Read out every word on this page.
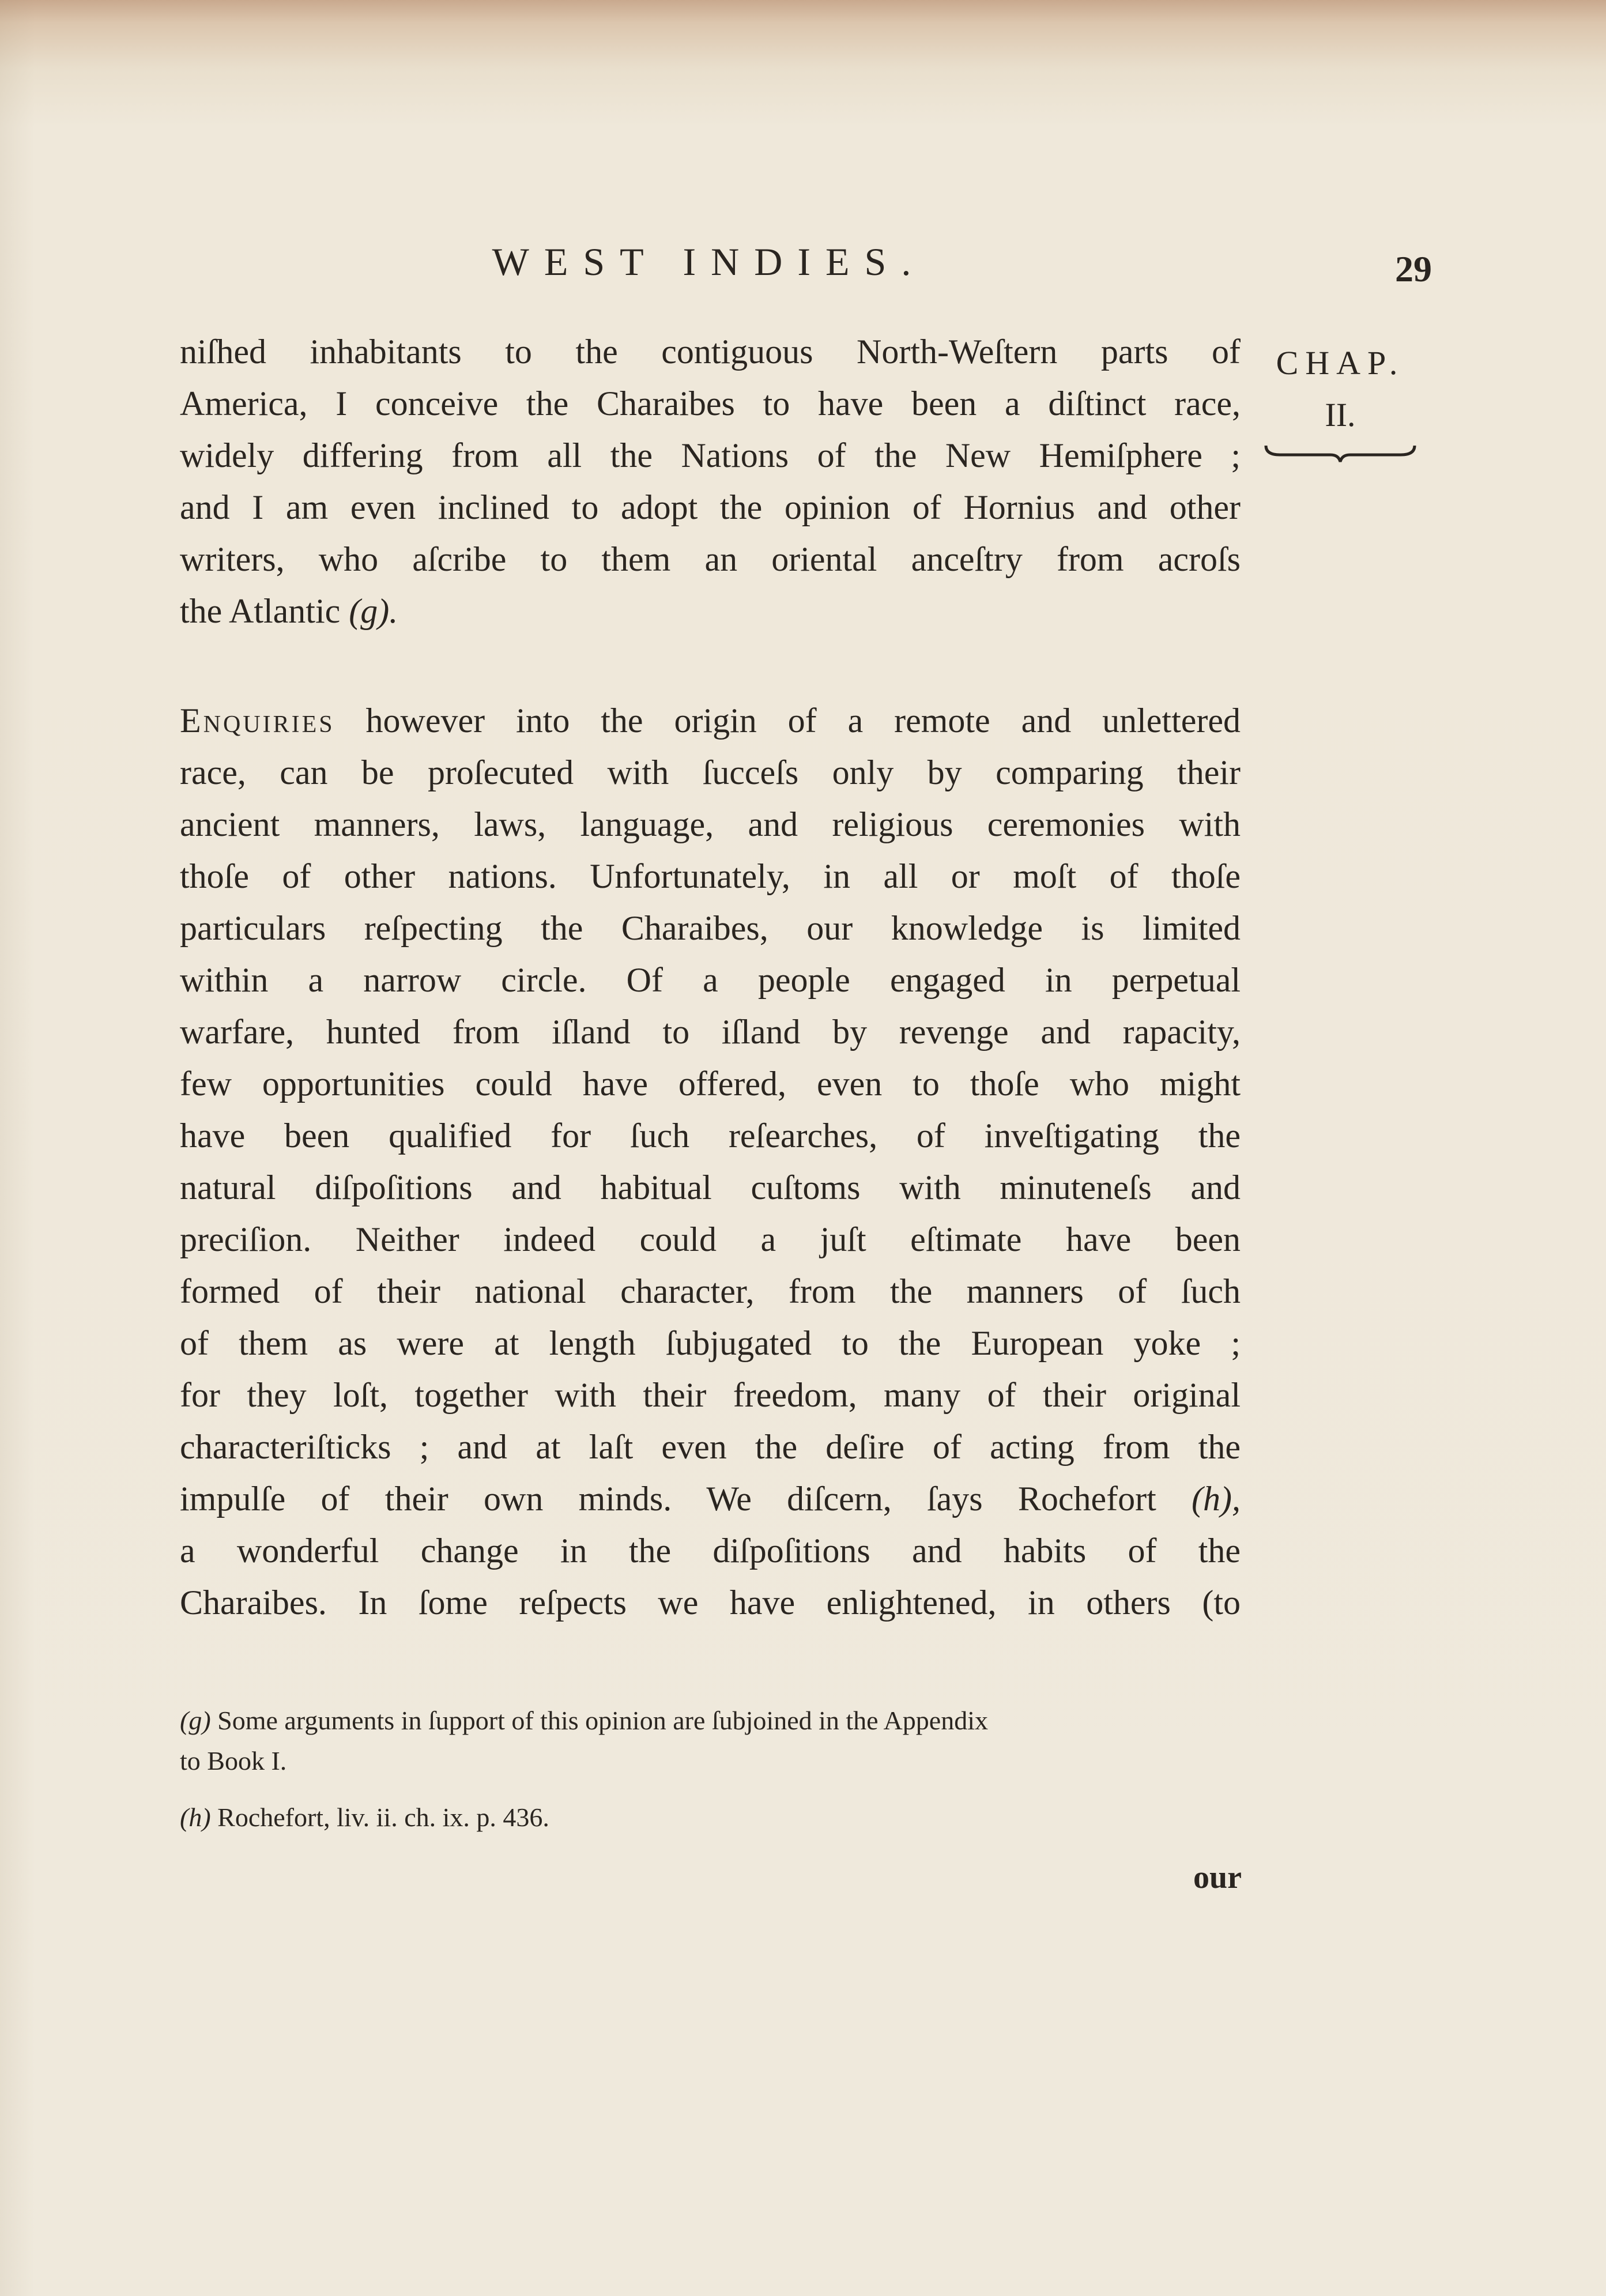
WEST INDIES.	29
CHAP.
II.
niſhed inhabitants to the contiguous North-Weſtern parts of
America, I conceive the Charaibes to have been a diſtinct race,
widely differing from all the Nations of the New Hemiſphere ;
and I am even inclined to adopt the opinion of Hornius and other
writers, who aſcribe to them an oriental anceſtry from acroſs
the Atlantic (g).
Enquiries however into the origin of a remote and unlettered
race, can be proſecuted with ſucceſs only by comparing their
ancient manners, laws, language, and religious ceremonies with
thoſe of other nations. Unfortunately, in all or moſt of thoſe
particulars reſpecting the Charaibes, our knowledge is limited
within a narrow circle. Of a people engaged in perpetual
warfare, hunted from iſland to iſland by revenge and rapacity,
few opportunities could have offered, even to thoſe who might
have been qualified for ſuch reſearches, of inveſtigating the
natural diſpoſitions and habitual cuſtoms with minuteneſs and
preciſion. Neither indeed could a juſt eſtimate have been
formed of their national character, from the manners of ſuch
of them as were at length ſubjugated to the European yoke ;
for they loſt, together with their freedom, many of their original
characteriſticks ; and at laſt even the deſire of acting from the
impulſe of their own minds. We diſcern, ſays Rochefort (h),
a wonderful change in the diſpoſitions and habits of the
Charaibes. In ſome reſpects we have enlightened, in others (to
(g) Some arguments in ſupport of this opinion are ſubjoined in the Appendix
to Book I.
(h) Rochefort, liv. ii. ch. ix. p. 436.
our
